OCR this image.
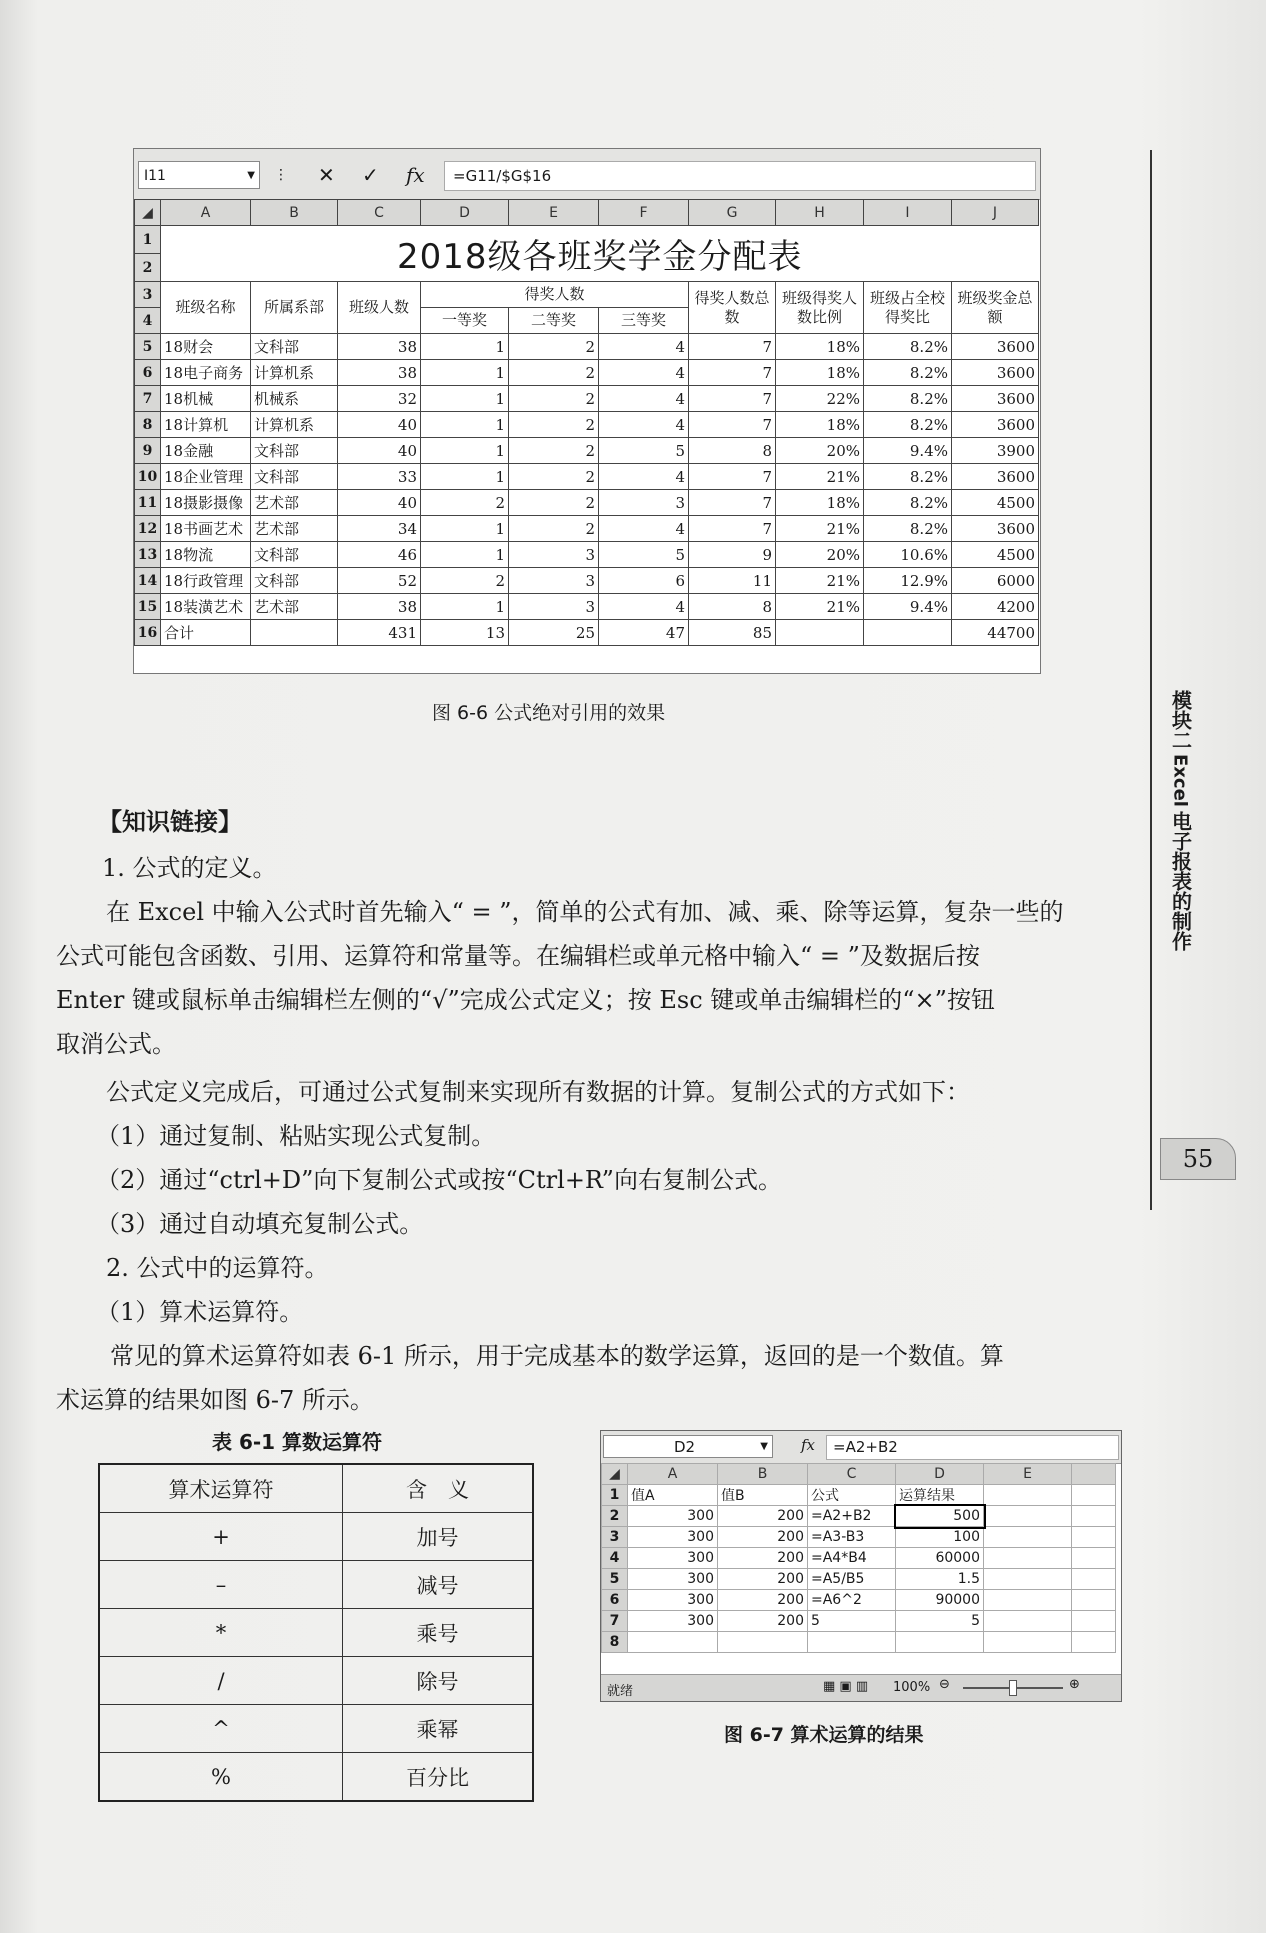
I11	▼ ⋮ ✕ ✓ fx	=G11/$G$16
◢	A	B	C	D	E	F	G	H	I	J
1	2018级各班奖学金分配表									
2										
3	班级名称	所属系部	班级人数	得奖人数			得奖人数总数	班级得奖人数比例	班级占全校得奖比	班级奖金总额
4				一等奖	二等奖	三等奖				
5	18财会	文科部	38	1	2	4	7	18%	8.2%	3600
6	18电子商务	计算机系	38	1	2	4	7	18%	8.2%	3600
7	18机械	机械系	32	1	2	4	7	22%	8.2%	3600
8	18计算机	计算机系	40	1	2	4	7	18%	8.2%	3600
9	18金融	文科部	40	1	2	5	8	20%	9.4%	3900
10	18企业管理	文科部	33	1	2	4	7	21%	8.2%	3600
11	18摄影摄像	艺术部	40	2	2	3	7	18%	8.2%	4500
12	18书画艺术	艺术部	34	1	2	4	7	21%	8.2%	3600
13	18物流	文科部	46	1	3	5	9	20%	10.6%	4500
14	18行政管理	文科部	52	2	3	6	11	21%	12.9%	6000
15	18装潢艺术	艺术部	38	1	3	4	8	21%	9.4%	4200
16	合计		431	13	25	47	85			44700
图 6-6 公式绝对引用的效果	模块二
Excel
电子报表的制作
55
【知识链接】
1. 公式的定义。
在 Excel 中输入公式时首先输入“ = ”，简单的公式有加、减、乘、除等运算，复杂一些的
公式可能包含函数、引用、运算符和常量等。在编辑栏或单元格中输入“ = ”及数据后按
Enter 键或鼠标单击编辑栏左侧的“√”完成公式定义；按 Esc 键或单击编辑栏的“×”按钮
取消公式。
公式定义完成后，可通过公式复制来实现所有数据的计算。复制公式的方式如下：
（1）通过复制、粘贴实现公式复制。
（2）通过“ctrl+D”向下复制公式或按“Ctrl+R”向右复制公式。
（3）通过自动填充复制公式。
2. 公式中的运算符。
（1）算术运算符。
常见的算术运算符如表 6-1 所示，用于完成基本的数学运算，返回的是一个数值。算
术运算的结果如图 6-7 所示。
表 6-1 算数运算符
算术运算符	含　义
+	加号
–	减号
*	乘号
/	除号
^	乘幂
%	百分比
D2	▼ fx	=A2+B2
◢	A	B	C	D	E	
1	值A	值B	公式	运算结果		
2	300	200	=A2+B2	500		
3	300	200	=A3-B3	100		
4	300	200	=A4*B4	60000		
5	300	200	=A5/B5	1.5		
6	300	200	=A6^2	90000		
7	300	200	5	5		
8						
就绪	▦ ▣ ▥ 100% ⊖	⊕
图 6-7 算术运算的结果
